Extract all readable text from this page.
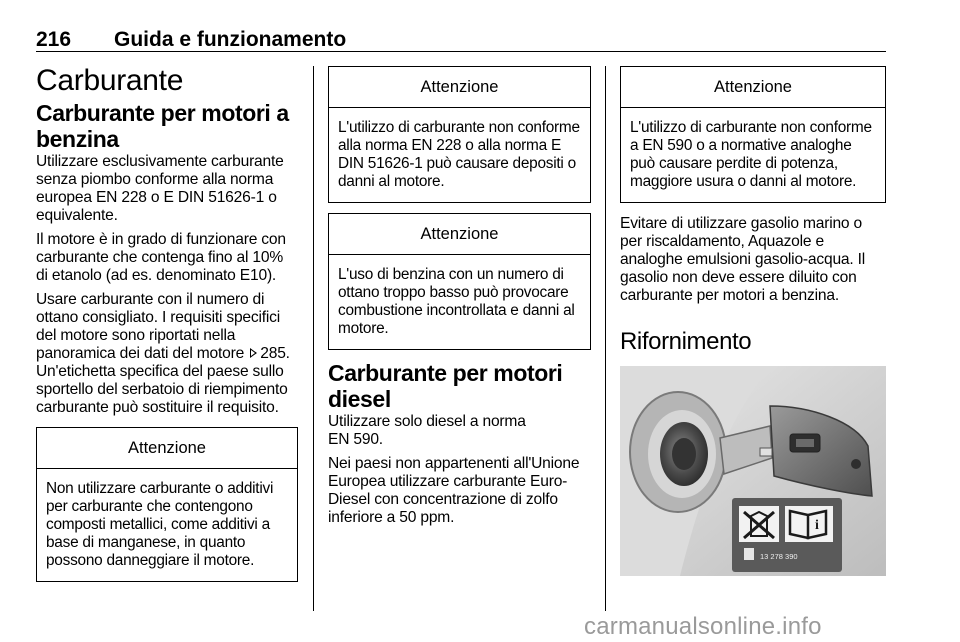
216 Guida e funzionamento
Carburante
Carburante per motori a benzina

Utilizzare esclusivamente carburante senza piombo conforme alla norma europea EN 228 o E DIN 51626-1 o equivalente.

Il motore è in grado di funzionare con carburante che contenga fino al 10% di etanolo (ad es. denominato E10).

Usare carburante con il numero di ottano consigliato. I requisiti specifici del motore sono riportati nella panoramica dei dati del motore 285.

Un'etichetta specifica del paese sullo sportello del serbatoio di riempimento carburante può sostituire il requisito.

Attenzione
Non utilizzare carburante o additivi per carburante che contengono composti metallici, come additivi a base di manganese, in quanto possono danneggiare il motore.
Attenzione
L'utilizzo di carburante non conforme alla norma EN 228 o alla norma E DIN 51626-1 può causare depositi o danni al motore.
Attenzione
L'uso di benzina con un numero di ottano troppo basso può provocare combustione incontrollata e danni al motore.
Carburante per motori diesel

Utilizzare solo diesel a norma EN 590.

Nei paesi non appartenenti all'Unione Europea utilizzare carburante Euro-Diesel con concentrazione di zolfo inferiore a 50 ppm.

Attenzione
L'utilizzo di carburante non conforme a EN 590 o a normative analoghe può causare perdite di potenza, maggiore usura o danni al motore.

Evitare di utilizzare gasolio marino o per riscaldamento, Aquazole e analoghe emulsioni gasolio-acqua. Il gasolio non deve essere diluito con carburante per motori a benzina.

Rifornimento
i
13 278 390
carmanualsonline.info
